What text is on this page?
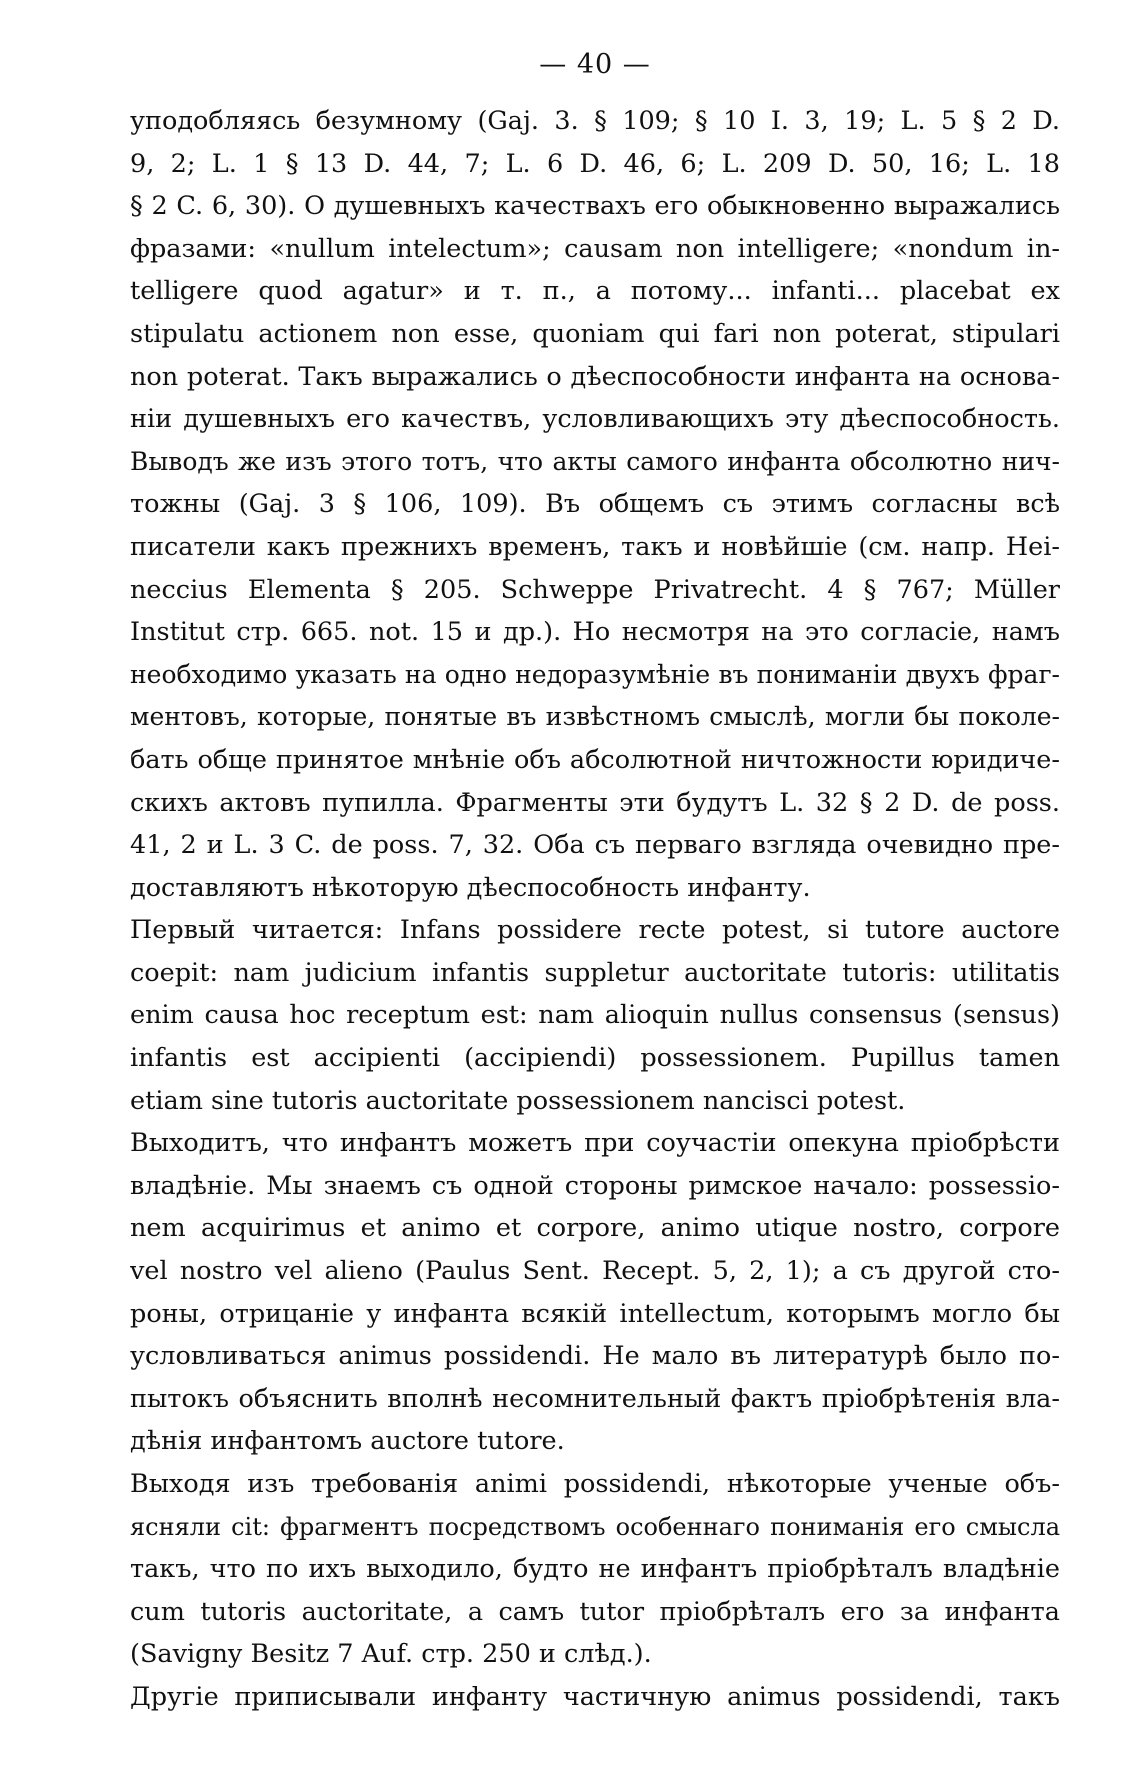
— 40 —
уподобляясь безумному (Gaj. 3. § 109; § 10 I. 3, 19; L. 5 § 2 D.
9, 2; L. 1 § 13 D. 44, 7; L. 6 D. 46, 6; L. 209 D. 50, 16; L. 18
§ 2 C. 6, 30). О душевныхъ качествахъ его обыкновенно выражались
фразами: «nullum intelectum»; causam non intelligere; «nondum in-
telligere quod agatur» и т. п., а потому... infanti... placebat ex
stipulatu actionem non esse, quoniam qui fari non poterat, stipulari
non poterat. Такъ выражались о дѣеспособности инфанта на основа-
нiи душевныхъ его качествъ, условливающихъ эту дѣеспособность.
Выводъ же изъ этого тотъ, что акты самого инфанта обсолютно нич-
тожны (Gaj. 3 § 106, 109). Въ общемъ съ этимъ согласны всѣ
писатели какъ прежнихъ временъ, такъ и новѣйшiе (см. напр. Hei-
neccius Elementa § 205. Schweppe Privatrecht. 4 § 767; Müller
Institut стр. 665. not. 15 и др.). Но несмотря на это согласiе, намъ
необходимо указать на одно недоразумѣнiе въ пониманiи двухъ фраг-
ментовъ, которые, понятые въ извѣстномъ смыслѣ, могли бы поколе-
бать обще принятое мнѣнiе объ абсолютной ничтожности юридиче-
скихъ актовъ пупилла. Фрагменты эти будутъ L. 32 § 2 D. de poss.
41, 2 и L. 3 C. de poss. 7, 32. Оба съ перваго взгляда очевидно пре-
доставляютъ нѣкоторую дѣеспособность инфанту.
Первый читается: Infans possidere recte potest, si tutore auctore
coepit: nam judicium infantis suppletur auctoritate tutoris: utilitatis
enim causa hoc receptum est: nam alioquin nullus consensus (sensus)
infantis est accipienti (accipiendi) possessionem. Pupillus tamen
etiam sine tutoris auctoritate possessionem nancisci potest.
Выходитъ, что инфантъ можетъ при соучастiи опекуна прiобрѣсти
владѣнiе. Мы знаемъ съ одной стороны римское начало: possessio-
nem acquirimus et animo et corpore, animo utique nostro, corpore
vel nostro vel alieno (Paulus Sent. Recept. 5, 2, 1); а съ другой сто-
роны, отрицанiе у инфанта всякiй intellectum, которымъ могло бы
условливаться animus possidendi. Не мало въ литературѣ было по-
пытокъ объяснить вполнѣ несомнительный фактъ прiобрѣтенiя вла-
дѣнiя инфантомъ auctore tutore.
Выходя изъ требованiя animi possidendi, нѣкоторые ученые объ-
ясняли cit: фрагментъ посредствомъ особеннаго пониманiя его смысла
такъ, что по ихъ выходило, будто не инфантъ прiобрѣталъ владѣнiе
cum tutoris auctoritate, а самъ tutor прiобрѣталъ его за инфанта
(Savigny Besitz 7 Auf. стр. 250 и слѣд.).
Другiе приписывали инфанту частичную animus possidendi, такъ
